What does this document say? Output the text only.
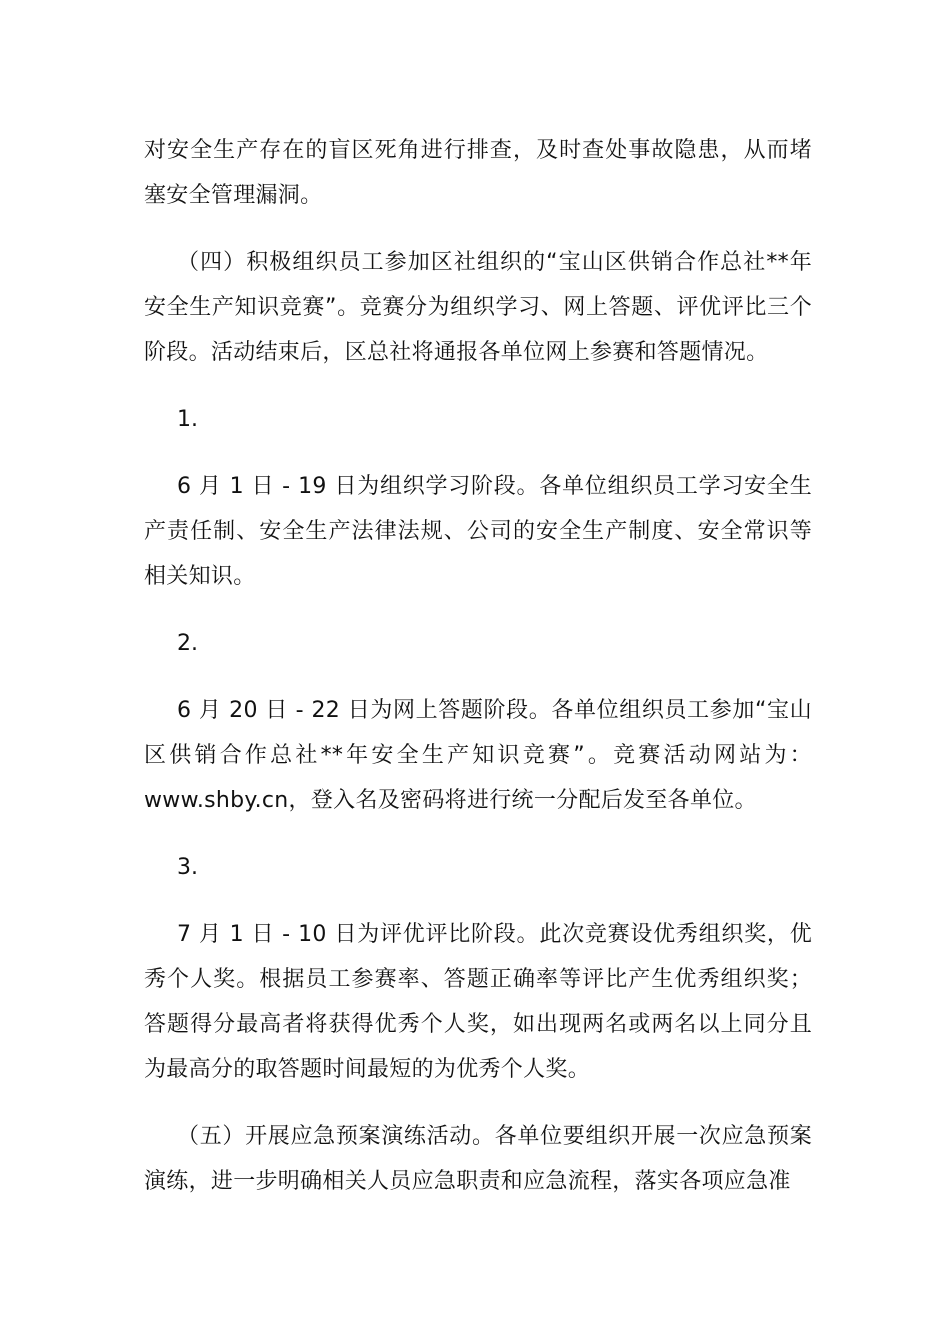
对安全生产存在的盲区死角进行排查，及时查处事故隐患，从而堵塞安全管理漏洞。

（四）积极组织员工参加区社组织的“宝山区供销合作总社**年安全生产知识竞赛”。竞赛分为组织学习、网上答题、评优评比三个阶段。活动结束后，区总社将通报各单位网上参赛和答题情况。

1.

6 月 1 日 - 19 日为组织学习阶段。各单位组织员工学习安全生产责任制、安全生产法律法规、公司的安全生产制度、安全常识等相关知识。

2.

6 月 20 日 - 22 日为网上答题阶段。各单位组织员工参加“宝山区供销合作总社**年安全生产知识竞赛”。竞赛活动网站为：www.shby.cn，登入名及密码将进行统一分配后发至各单位。

3.

7 月 1 日 - 10 日为评优评比阶段。此次竞赛设优秀组织奖，优秀个人奖。根据员工参赛率、答题正确率等评比产生优秀组织奖；答题得分最高者将获得优秀个人奖，如出现两名或两名以上同分且为最高分的取答题时间最短的为优秀个人奖。

（五）开展应急预案演练活动。各单位要组织开展一次应急预案演练，进一步明确相关人员应急职责和应急流程，落实各项应急准
